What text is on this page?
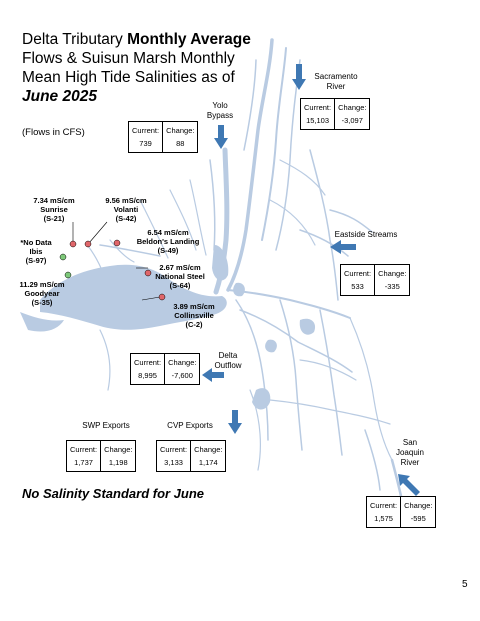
Delta Tributary Monthly Average
Flows & Suisun Marsh Monthly
Mean High Tide Salinities as of
June 2025
(Flows in CFS)
7.34 mS/cm
Sunrise
(S-21)
9.56 mS/cm
Volanti
(S-42)
6.54 mS/cm
Beldon's Landing
(S-49)
*No Data
Ibis
(S-97)
11.29 mS/cm
Goodyear
(S-35)
2.67 mS/cm
National Steel
(S-64)
3.89 mS/cm
Collinsville
(C-2)
Sacramento
River
Yolo
Bypass
Eastside Streams
Delta
Outflow
SWP Exports	CVP Exports
San
Joaquin
River
Current:
15,103
Change:
-3,097
Current:
739
Change:
88
Current:
533
Change:
-335
Current:
8,995
Change:
-7,600
Current:
1,737
Change:
1,198
Current:
3,133
Change:
1,174
Current:
1,575
Change:
-595
No Salinity Standard for June
5
